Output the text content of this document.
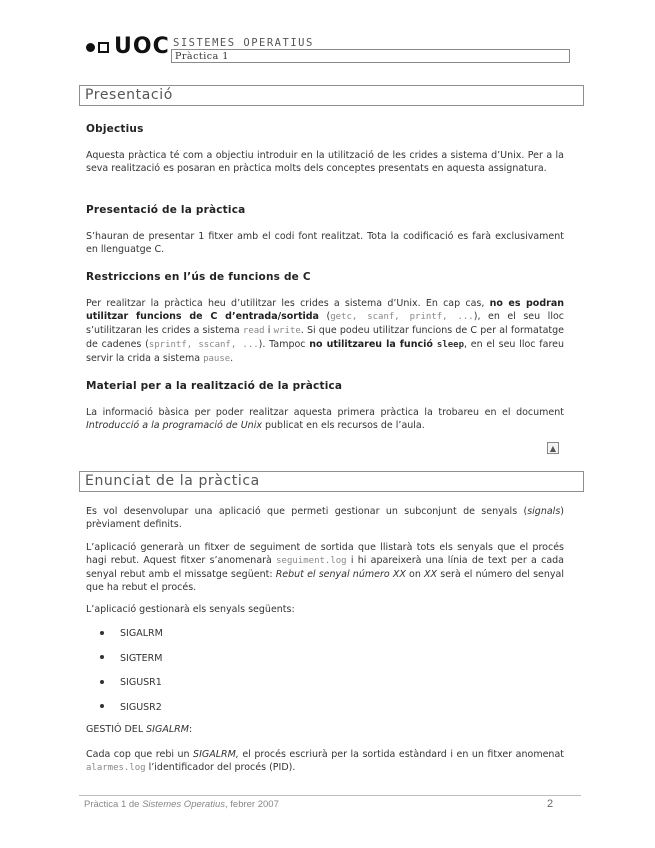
UOC SISTEMES OPERATIUS
Pràctica 1
Presentació
Objectius
Aquesta pràctica té com a objectiu introduir en la utilització de les crides a sistema d’Unix. Per a la seva realització es posaran en pràctica molts dels conceptes presentats en aquesta assignatura.
Presentació de la pràctica
S’hauran de presentar 1 fitxer amb el codi font realitzat. Tota la codificació es farà exclusivament en llenguatge C.
Restriccions en l’ús de funcions de C
Per realitzar la pràctica heu d’utilitzar les crides a sistema d’Unix. En cap cas, no es podran utilitzar funcions de C d’entrada/sortida (getc, scanf, printf, ...), en el seu lloc s’utilitzaran les crides a sistema read i write. Si que podeu utilitzar funcions de C per al formatatge de cadenes (sprintf, sscanf, ...). Tampoc no utilitzareu la funció sleep, en el seu lloc fareu servir la crida a sistema pause.
Material per a la realització de la pràctica
La informació bàsica per poder realitzar aquesta primera pràctica la trobareu en el document Introducció a la programació de Unix publicat en els recursos de l’aula.
▲
Enunciat de la pràctica
Es vol desenvolupar una aplicació que permeti gestionar un subconjunt de senyals (signals) prèviament definits.
L’aplicació generarà un fitxer de seguiment de sortida que llistarà tots els senyals que el procés hagi rebut. Aquest fitxer s’anomenarà seguiment.log i hi apareixerà una línia de text per a cada senyal rebut amb el missatge següent: Rebut el senyal número XX on XX serà el número del senyal que ha rebut el procés.
L’aplicació gestionarà els senyals següents:
SIGALRM
SIGTERM
SIGUSR1
SIGUSR2
GESTIÓ DEL SIGALRM:
Cada cop que rebi un SIGALRM, el procés escriurà per la sortida estàndard i en un fitxer anomenat alarmes.log l’identificador del procés (PID).
Pràctica 1 de Sistemes Operatius, febrer 2007	2
